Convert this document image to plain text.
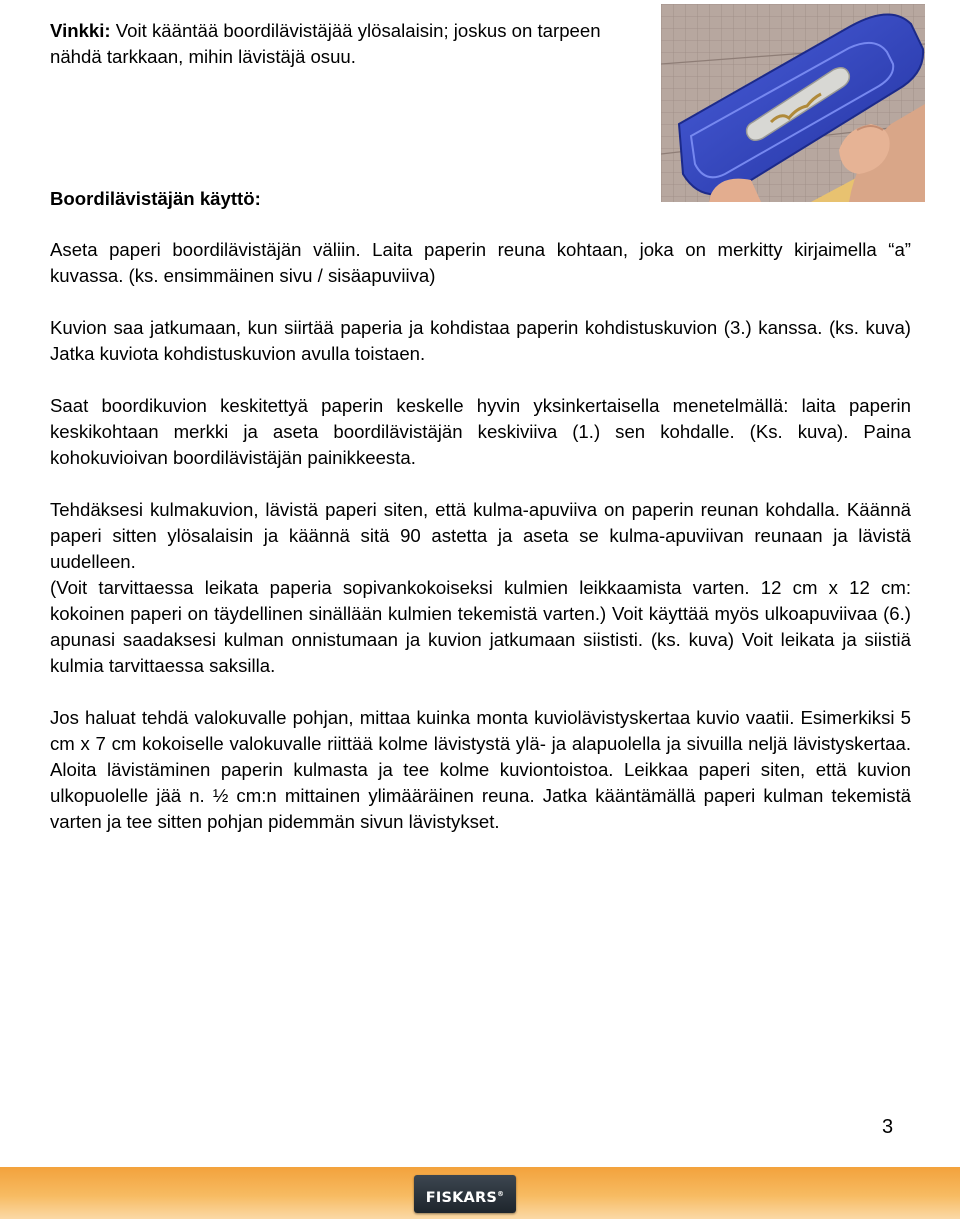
Vinkki: Voit kääntää boordilävistäjää ylösalaisin; joskus on tarpeen nähdä tarkkaan, mihin lävistäjä osuu.
Boordilävistäjän käyttö:

Aseta paperi boordilävistäjän väliin. Laita paperin reuna kohtaan, joka on merkitty kirjaimella “a” kuvassa. (ks. ensimmäinen sivu / sisäapuviiva)

Kuvion saa jatkumaan, kun siirtää paperia ja kohdistaa paperin kohdistuskuvion (3.) kanssa. (ks. kuva) Jatka kuviota kohdistuskuvion avulla toistaen.

Saat boordikuvion keskitettyä paperin keskelle hyvin yksinkertaisella menetelmällä: laita paperin keskikohtaan merkki ja aseta boordilävistäjän keskiviiva (1.) sen kohdalle. (Ks. kuva). Paina kohokuvioivan boordilävistäjän painikkeesta.

Tehdäksesi kulmakuvion, lävistä paperi siten, että kulma-apuviiva on paperin reunan kohdalla. Käännä paperi sitten ylösalaisin ja käännä sitä 90 astetta ja aseta se kulma-apuviivan reunaan ja lävistä uudelleen.

(Voit tarvittaessa leikata paperia sopivankokoiseksi kulmien leikkaamista varten. 12 cm x 12 cm: kokoinen paperi on täydellinen sinällään kulmien tekemistä varten.) Voit käyttää myös ulkoapuviivaa (6.) apunasi saadaksesi kulman onnistumaan ja kuvion jatkumaan siististi. (ks. kuva) Voit leikata ja siistiä kulmia tarvittaessa saksilla.

Jos haluat tehdä valokuvalle pohjan, mittaa kuinka monta kuviolävistyskertaa kuvio vaatii. Esimerkiksi 5 cm x 7 cm kokoiselle valokuvalle riittää kolme lävistystä ylä- ja alapuolella ja sivuilla neljä lävistyskertaa. Aloita lävistäminen paperin kulmasta ja tee kolme kuviontoistoa. Leikkaa paperi siten, että kuvion ulkopuolelle jää n. ½ cm:n mittainen ylimääräinen reuna. Jatka kääntämällä paperi kulman tekemistä varten ja tee sitten pohjan pidemmän sivun lävistykset.

3
FISKARS®
